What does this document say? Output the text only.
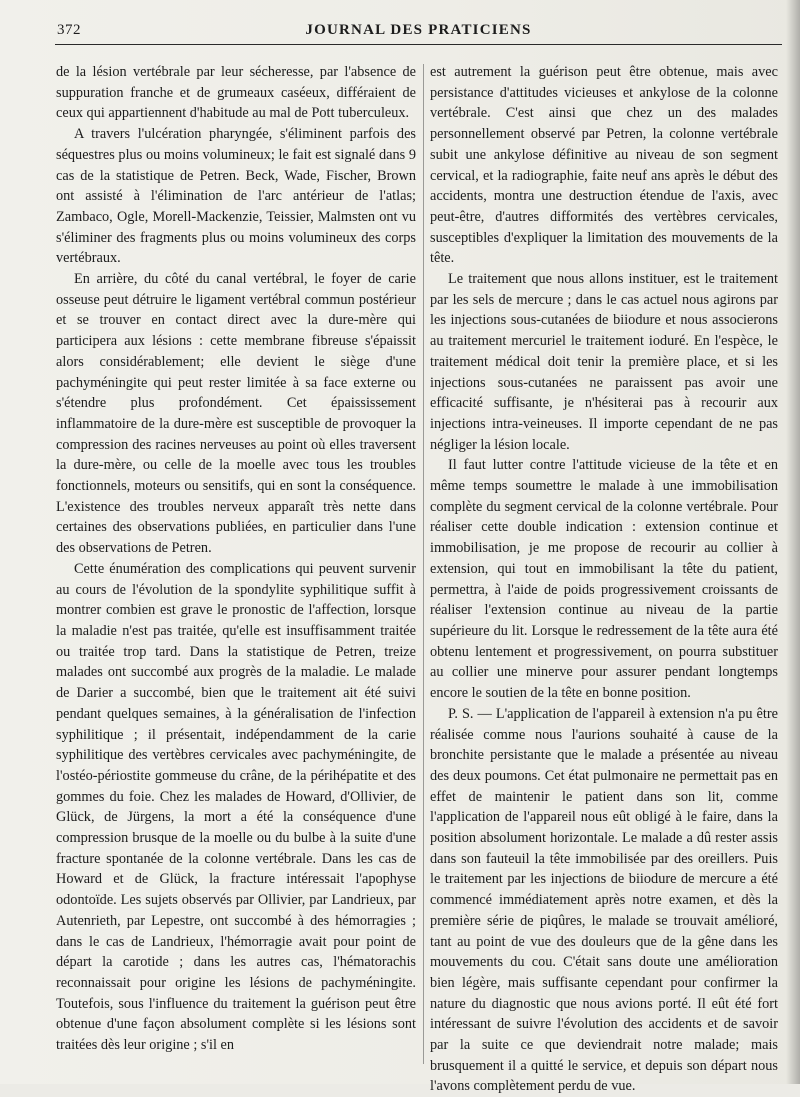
372	JOURNAL DES PRATICIENS

de la lésion vertébrale par leur sécheresse, par l'absence de suppuration franche et de grumeaux caséeux, différaient de ceux qui appartiennent d'habitude au mal de Pott tuberculeux.

A travers l'ulcération pharyngée, s'éliminent parfois des séquestres plus ou moins volumineux; le fait est signalé dans 9 cas de la statistique de Petren. Beck, Wade, Fischer, Brown ont assisté à l'élimination de l'arc antérieur de l'atlas; Zambaco, Ogle, Morell-Mackenzie, Teissier, Malmsten ont vu s'éliminer des fragments plus ou moins volumineux des corps vertébraux.

En arrière, du côté du canal vertébral, le foyer de carie osseuse peut détruire le ligament vertébral commun postérieur et se trouver en contact direct avec la dure-mère qui participera aux lésions : cette membrane fibreuse s'épaissit alors considérablement; elle devient le siège d'une pachyméningite qui peut rester limitée à sa face externe ou s'étendre plus profondément. Cet épaississement inflammatoire de la dure-mère est susceptible de provoquer la compression des racines nerveuses au point où elles traversent la dure-mère, ou celle de la moelle avec tous les troubles fonctionnels, moteurs ou sensitifs, qui en sont la conséquence. L'existence des troubles nerveux apparaît très nette dans certaines des observations publiées, en particulier dans l'une des observations de Petren.

Cette énumération des complications qui peuvent survenir au cours de l'évolution de la spondylite syphilitique suffit à montrer combien est grave le pronostic de l'affection, lorsque la maladie n'est pas traitée, qu'elle est insuffisamment traitée ou traitée trop tard. Dans la statistique de Petren, treize malades ont succombé aux progrès de la maladie. Le malade de Darier a succombé, bien que le traitement ait été suivi pendant quelques semaines, à la généralisation de l'infection syphilitique ; il présentait, indépendamment de la carie syphilitique des vertèbres cervicales avec pachyméningite, de l'ostéo-périostite gommeuse du crâne, de la périhépatite et des gommes du foie. Chez les malades de Howard, d'Ollivier, de Glück, de Jürgens, la mort a été la conséquence d'une compression brusque de la moelle ou du bulbe à la suite d'une fracture spontanée de la colonne vertébrale. Dans les cas de Howard et de Glück, la fracture intéressait l'apophyse odontoïde. Les sujets observés par Ollivier, par Landrieux, par Autenrieth, par Lepestre, ont succombé à des hémorragies ; dans le cas de Landrieux, l'hémorragie avait pour point de départ la carotide ; dans les autres cas, l'hématorachis reconnaissait pour origine les lésions de pachyméningite. Toutefois, sous l'influence du traitement la guérison peut être obtenue d'une façon absolument complète si les lésions sont traitées dès leur origine ; s'il en

est autrement la guérison peut être obtenue, mais avec persistance d'attitudes vicieuses et ankylose de la colonne vertébrale. C'est ainsi que chez un des malades personnellement observé par Petren, la colonne vertébrale subit une ankylose définitive au niveau de son segment cervical, et la radiographie, faite neuf ans après le début des accidents, montra une destruction étendue de l'axis, avec peut-être, d'autres difformités des vertèbres cervicales, susceptibles d'expliquer la limitation des mouvements de la tête.

Le traitement que nous allons instituer, est le traitement par les sels de mercure ; dans le cas actuel nous agirons par les injections sous-cutanées de biiodure et nous associerons au traitement mercuriel le traitement ioduré. En l'espèce, le traitement médical doit tenir la première place, et si les injections sous-cutanées ne paraissent pas avoir une efficacité suffisante, je n'hésiterai pas à recourir aux injections intra-veineuses. Il importe cependant de ne pas négliger la lésion locale.

Il faut lutter contre l'attitude vicieuse de la tête et en même temps soumettre le malade à une immobilisation complète du segment cervical de la colonne vertébrale. Pour réaliser cette double indication : extension continue et immobilisation, je me propose de recourir au collier à extension, qui tout en immobilisant la tête du patient, permettra, à l'aide de poids progressivement croissants de réaliser l'extension continue au niveau de la partie supérieure du lit. Lorsque le redressement de la tête aura été obtenu lentement et progressivement, on pourra substituer au collier une minerve pour assurer pendant longtemps encore le soutien de la tête en bonne position.

P. S. — L'application de l'appareil à extension n'a pu être réalisée comme nous l'aurions souhaité à cause de la bronchite persistante que le malade a présentée au niveau des deux poumons. Cet état pulmonaire ne permettait pas en effet de maintenir le patient dans son lit, comme l'application de l'appareil nous eût obligé à le faire, dans la position absolument horizontale. Le malade a dû rester assis dans son fauteuil la tête immobilisée par des oreillers. Puis le traitement par les injections de biiodure de mercure a été commencé immédiatement après notre examen, et dès la première série de piqûres, le malade se trouvait amélioré, tant au point de vue des douleurs que de la gêne dans les mouvements du cou. C'était sans doute une amélioration bien légère, mais suffisante cependant pour confirmer la nature du diagnostic que nous avions porté. Il eût été fort intéressant de suivre l'évolution des accidents et de savoir par la suite ce que deviendrait notre malade; mais brusquement il a quitté le service, et depuis son départ nous l'avons complètement perdu de vue.
